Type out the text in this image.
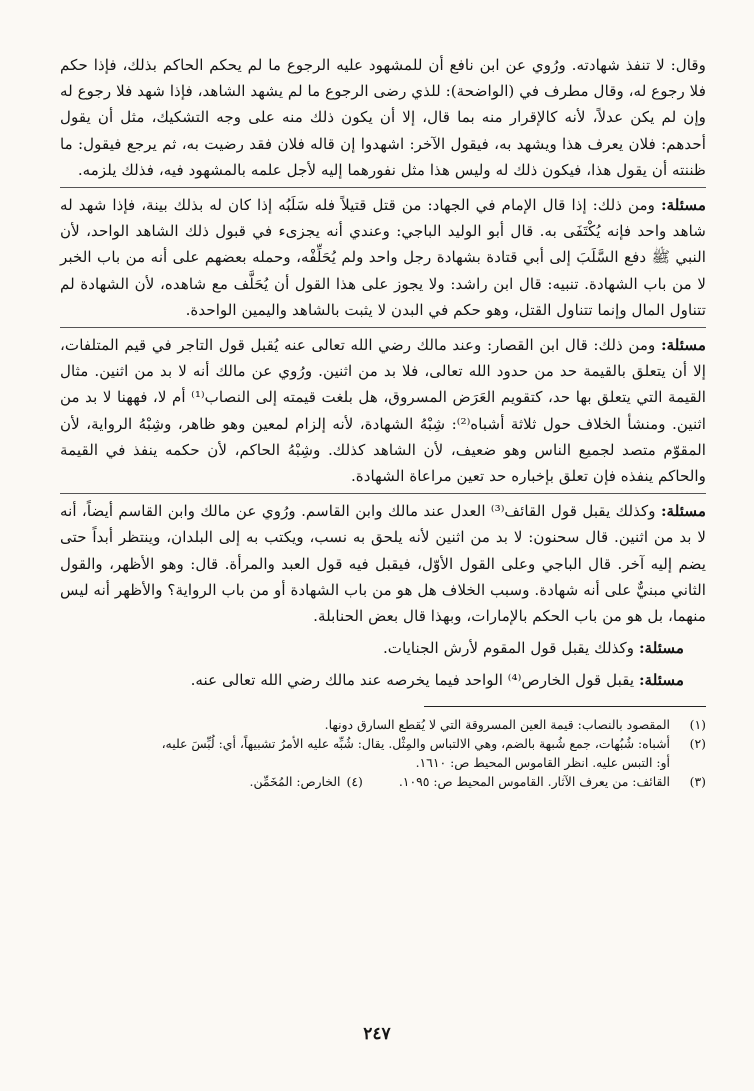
وقال: لا تنفذ شهادته. ورُوي عن ابن نافع أن للمشهود عليه الرجوع ما لم يحكم الحاكم بذلك، فإذا حكم فلا رجوع له، وقال مطرف في (الواضحة): للذي رضى الرجوع ما لم يشهد الشاهد، فإذا شهد فلا رجوع له وإن لم يكن عدلاً، لأنه كالإقرار منه بما قال، إلا أن يكون ذلك منه على وجه التشكيك، مثل أن يقول أحدهم: فلان يعرف هذا ويشهد به، فيقول الآخر: اشهدوا إن قاله فلان فقد رضيت به، ثم يرجع فيقول: ما ظننته أن يقول هذا، فيكون ذلك له وليس هذا مثل نفورهما إليه لأجل علمه بالمشهود فيه، فذلك يلزمه.

مسئلة: ومن ذلك: إذا قال الإمام في الجهاد: من قتل قتيلاً فله سَلَبُه إذا كان له بذلك بينة، فإذا شهد له شاهد واحد فإنه يُكْتَفَى به. قال أبو الوليد الباجي: وعندي أنه يجزىء في قبول ذلك الشاهد الواحد، لأن النبي ﷺ دفع السَّلَبَ إلى أبي قتادة بشهادة رجل واحد ولم يُحَلِّفْه، وحمله بعضهم على أنه من باب الخبر لا من باب الشهادة. تنبيه: قال ابن راشد: ولا يجوز على هذا القول أن يُحَلَّف مع شاهده، لأن الشهادة لم تتناول المال وإنما تتناول القتل، وهو حكم في البدن لا يثبت بالشاهد واليمين الواحدة.

مسئلة: ومن ذلك: قال ابن القصار: وعند مالك رضي الله تعالى عنه يُقبل قول التاجر في قيم المتلفات، إلا أن يتعلق بالقيمة حد من حدود الله تعالى، فلا بد من اثنين. ورُوي عن مالك أنه لا بد من اثنين. مثال القيمة التي يتعلق بها حد، كتقويم العَرَض المسروق، هل بلغت قيمته إلى النصاب⁽¹⁾ أم لا، فههنا لا بد من اثنين. ومنشأ الخلاف حول ثلاثة أشباه⁽²⁾: شِبْهُ الشهادة، لأنه إلزام لمعين وهو ظاهر، وشِبْهُ الرواية، لأن المقوّم متصد لجميع الناس وهو ضعيف، لأن الشاهد كذلك. وشِبْهُ الحاكم، لأن حكمه ينفذ في القيمة والحاكم ينفذه فإن تعلق بإخباره حد تعين مراعاة الشهادة.

مسئلة: وكذلك يقبل قول القائف⁽³⁾ العدل عند مالك وابن القاسم. ورُوي عن مالك وابن القاسم أيضاً، أنه لا بد من اثنين. قال سحنون: لا بد من اثنين لأنه يلحق به نسب، ويكتب به إلى البلدان، وينتظر أبداً حتى يضم إليه آخر. قال الباجي وعلى القول الأوّل، فيقبل فيه قول العبد والمرأة. قال: وهو الأظهر، والقول الثاني مبنيٌّ على أنه شهادة. وسبب الخلاف هل هو من باب الشهادة أو من باب الرواية؟ والأظهر أنه ليس منهما، بل هو من باب الحكم بالإمارات، وبهذا قال بعض الحنابلة.

مسئلة: وكذلك يقبل قول المقوم لأرش الجنايات.

مسئلة: يقبل قول الخارص⁽⁴⁾ الواحد فيما يخرصه عند مالك رضي الله تعالى عنه.

(١)
المقصود بالنصاب: قيمة العين المسروقة التي لا يُقطع السارق دونها.
(٢)
أشباه: شُبُهات، جمع شُبهة بالضم، وهي الالتباس والمِثْل. يقال: شُبِّه عليه الأمرُ تشبيهاً، أي: لُبِّسَ عليه،
أو: التبس عليه. انظر القاموس المحيط ص: ١٦١٠.
(٣)
القائف: من يعرف الآثار. القاموس المحيط ص: ١٠٩٥.
(٤)
الخارص: المُخَمِّن.
٢٤٧
